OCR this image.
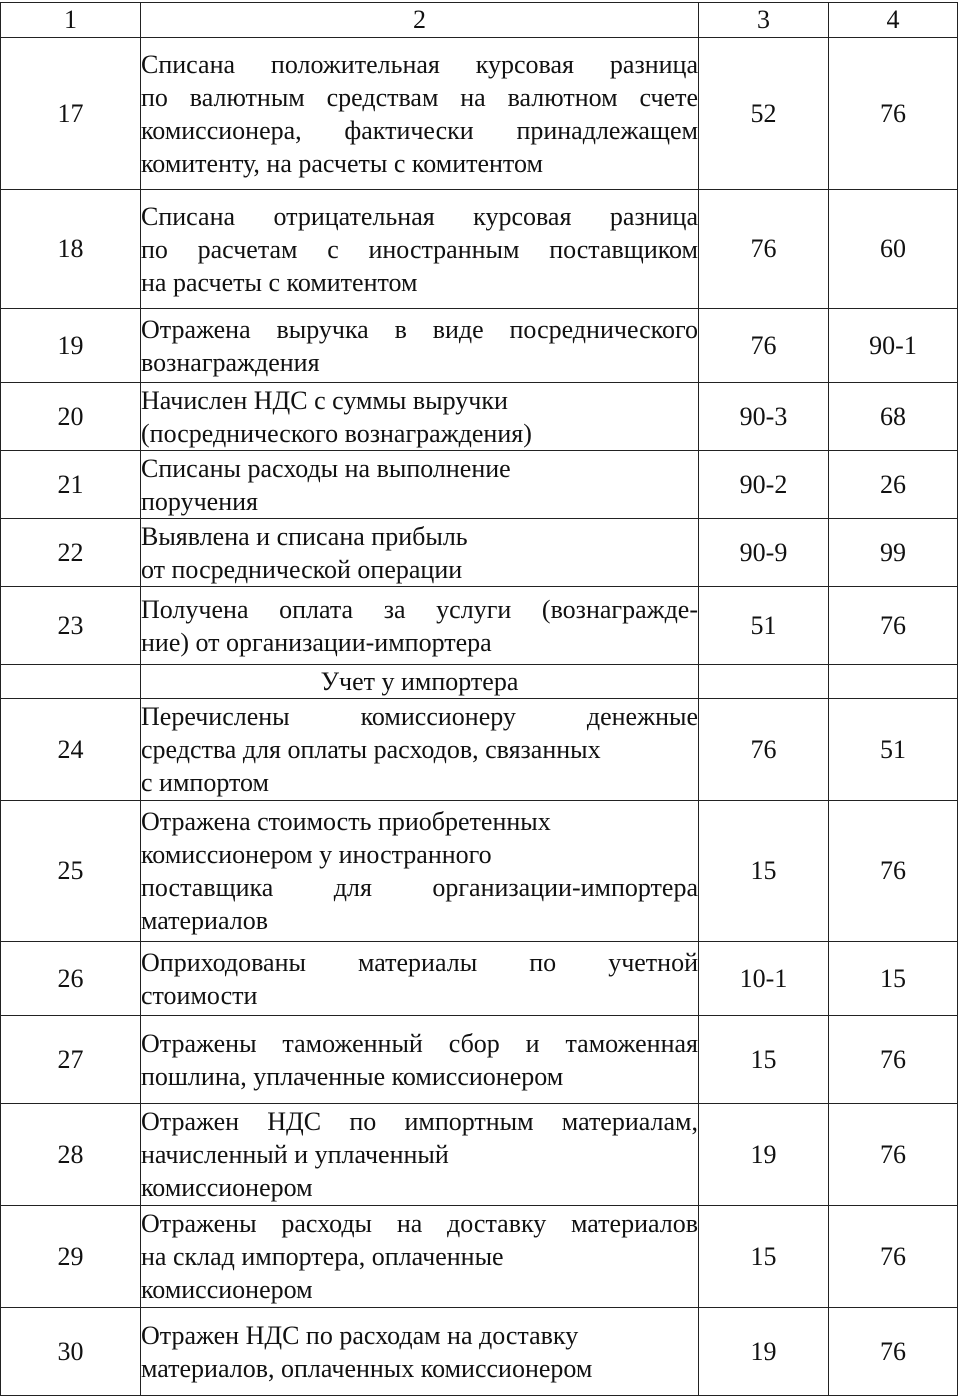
1	2	3	4
17	Списана положительная курсовая разница
по валютным средствам на валютном счете
комиссионера, фактически принадлежащем
комитенту, на расчеты с комитентом	52	76
18	Списана отрицательная курсовая разница
по расчетам с иностранным поставщиком
на расчеты с комитентом	76	60
19	Отражена выручка в виде посреднического
вознаграждения	76	90-1
20	Начислен НДС с суммы выручки
(посреднического вознаграждения)	90-3	68
21	Списаны расходы на выполнение
поручения	90-2	26
22	Выявлена и списана прибыль
от посреднической операции	90-9	99
23	Получена оплата за услуги (вознагражде-
ние) от организации-импортера	51	76
	Учет у импортера		
24	Перечислены комиссионеру денежные
средства для оплаты расходов, связанных
с импортом	76	51
25	Отражена стоимость приобретенных
комиссионером у иностранного
поставщика для организации-импортера
материалов	15	76
26	Оприходованы материалы по учетной
стоимости	10-1	15
27	Отражены таможенный сбор и таможенная
пошлина, уплаченные комиссионером	15	76
28	Отражен НДС по импортным материалам,
начисленный и уплаченный
комиссионером	19	76
29	Отражены расходы на доставку материалов
на склад импортера, оплаченные
комиссионером	15	76
30	Отражен НДС по расходам на доставку
материалов, оплаченных комиссионером	19	76
